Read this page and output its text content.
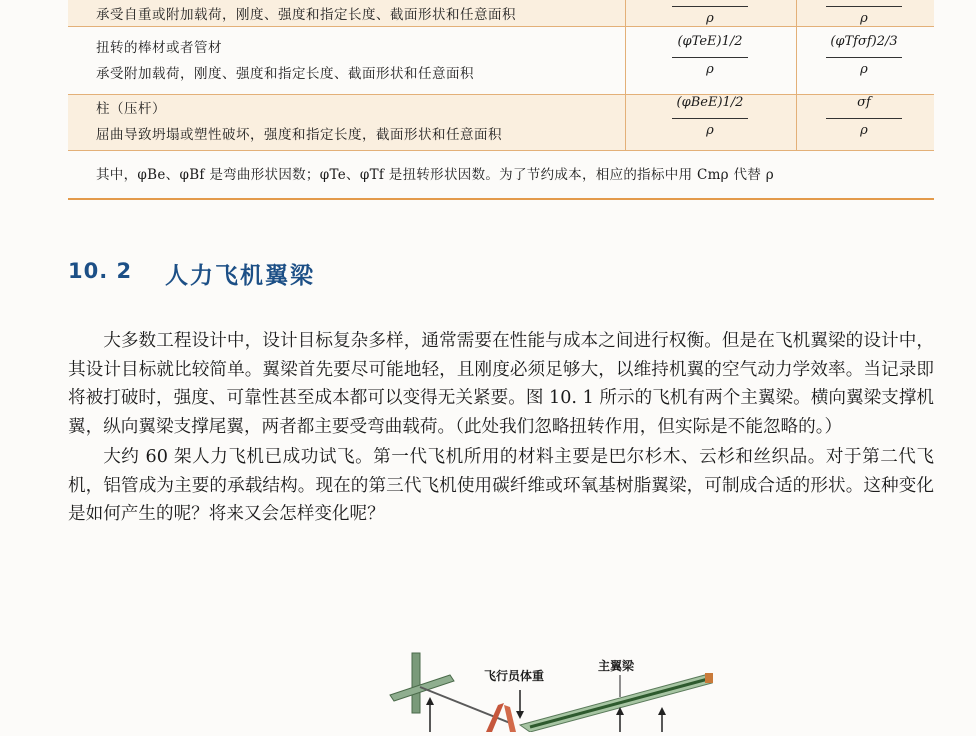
承受自重或附加载荷，刚度、强度和指定长度、截面形状和任意面积	ρ	ρ
扭转的棒材或者管材
承受附加载荷，刚度、强度和指定长度、截面形状和任意面积
(φTeE)1/2
ρ
(φTfσf)2/3
ρ
柱（压杆）
屈曲导致坍塌或塑性破坏，强度和指定长度，截面形状和任意面积
(φBeE)1/2
ρ
σf
ρ
其中，φBe、φBf 是弯曲形状因数；φTe、φTf 是扭转形状因数。为了节约成本，相应的指标中用 Cmρ 代替 ρ
10. 2 人力飞机翼梁

大多数工程设计中，设计目标复杂多样，通常需要在性能与成本之间进行权衡。但是在飞机翼梁的设计中，其设计目标就比较简单。翼梁首先要尽可能地轻，且刚度必须足够大，以维持机翼的空气动力学效率。当记录即将被打破时，强度、可靠性甚至成本都可以变得无关紧要。图 10. 1 所示的飞机有两个主翼梁。横向翼梁支撑机翼，纵向翼梁支撑尾翼，两者都主要受弯曲载荷。（此处我们忽略扭转作用，但实际是不能忽略的。）

大约 60 架人力飞机已成功试飞。第一代飞机所用的材料主要是巴尔杉木、云杉和丝织品。对于第二代飞机，铝管成为主要的承载结构。现在的第三代飞机使用碳纤维或环氧基树脂翼梁，可制成合适的形状。这种变化是如何产生的呢？将来又会怎样变化呢？

飞行员体重
主翼梁
